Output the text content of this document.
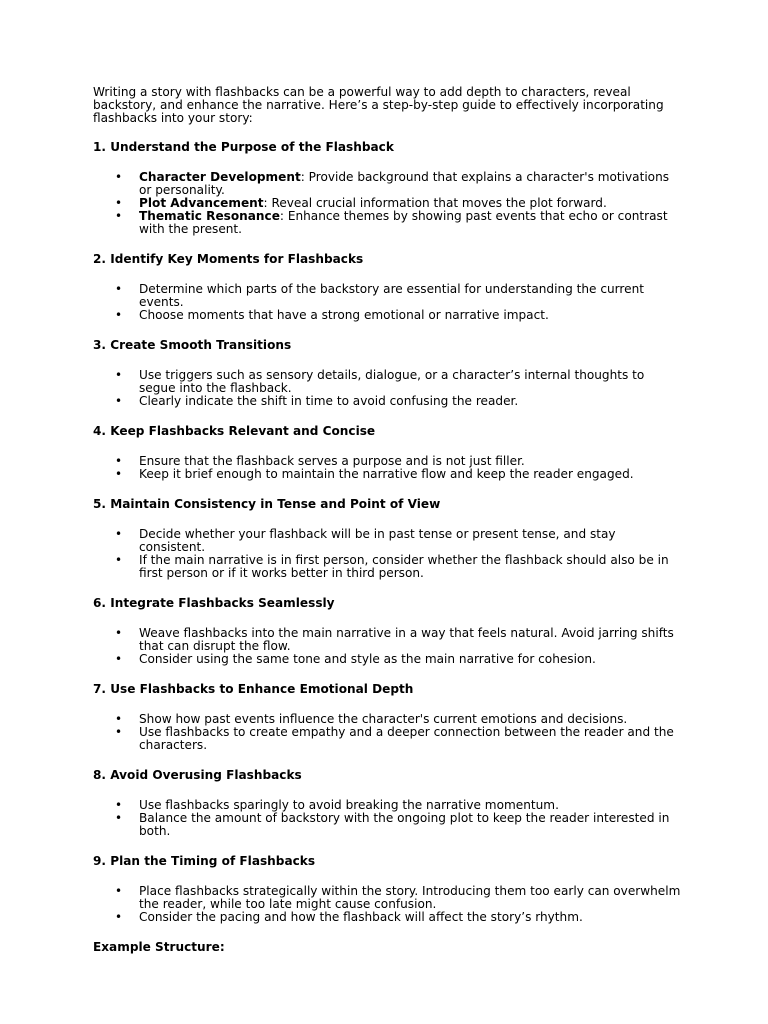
Writing a story with flashbacks can be a powerful way to add depth to characters, reveal backstory, and enhance the narrative. Here’s a step-by-step guide to effectively incorporating flashbacks into your story:

1. Understand the Purpose of the Flashback

• Character Development: Provide background that explains a character's motivations or personality.
• Plot Advancement: Reveal crucial information that moves the plot forward.
• Thematic Resonance: Enhance themes by showing past events that echo or contrast with the present.

2. Identify Key Moments for Flashbacks

• Determine which parts of the backstory are essential for understanding the current events.
• Choose moments that have a strong emotional or narrative impact.

3. Create Smooth Transitions

• Use triggers such as sensory details, dialogue, or a character’s internal thoughts to segue into the flashback.
• Clearly indicate the shift in time to avoid confusing the reader.

4. Keep Flashbacks Relevant and Concise

• Ensure that the flashback serves a purpose and is not just filler.
• Keep it brief enough to maintain the narrative flow and keep the reader engaged.

5. Maintain Consistency in Tense and Point of View

• Decide whether your flashback will be in past tense or present tense, and stay consistent.
• If the main narrative is in first person, consider whether the flashback should also be in first person or if it works better in third person.

6. Integrate Flashbacks Seamlessly

• Weave flashbacks into the main narrative in a way that feels natural. Avoid jarring shifts that can disrupt the flow.
• Consider using the same tone and style as the main narrative for cohesion.

7. Use Flashbacks to Enhance Emotional Depth

• Show how past events influence the character's current emotions and decisions.
• Use flashbacks to create empathy and a deeper connection between the reader and the characters.

8. Avoid Overusing Flashbacks

• Use flashbacks sparingly to avoid breaking the narrative momentum.
• Balance the amount of backstory with the ongoing plot to keep the reader interested in both.

9. Plan the Timing of Flashbacks

• Place flashbacks strategically within the story. Introducing them too early can overwhelm the reader, while too late might cause confusion.
• Consider the pacing and how the flashback will affect the story’s rhythm.

Example Structure:
